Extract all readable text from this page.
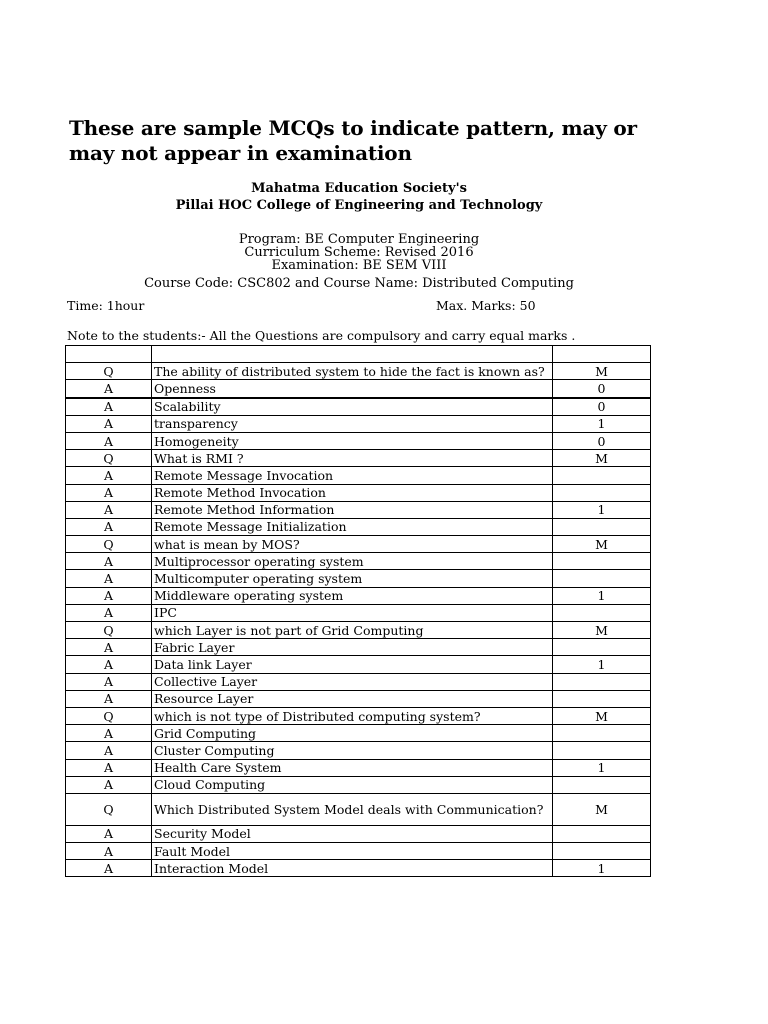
These are sample MCQs to indicate pattern, may or may not appear in examination
Mahatma Education Society's
Pillai HOC College of Engineering and Technology
Program: BE Computer Engineering
Curriculum Scheme: Revised 2016
Examination: BE SEM VIII
Course Code: CSC802 and Course Name: Distributed Computing
Time: 1hour	Max. Marks: 50
Note to the students:- All the Questions are compulsory and carry equal marks .

Q	The ability of distributed system to hide the fact is known as?	M
A	Openness	0
A	Scalability	0
A	transparency	1
A	Homogeneity	0
Q	What is RMI ?	M
A	Remote Message Invocation	
A	Remote Method Invocation	
A	Remote Method Information	1
A	Remote Message Initialization	
Q	what is mean by MOS?	M
A	Multiprocessor operating system	
A	Multicomputer operating system	
A	Middleware operating system	1
A	IPC	
Q	which Layer is not part of Grid Computing	M
A	Fabric Layer	
A	Data link Layer	1
A	Collective Layer	
A	Resource Layer	
Q	which is not type of Distributed computing system?	M
A	Grid Computing	
A	Cluster Computing	
A	Health Care System	1
A	Cloud Computing	
Q	Which Distributed System Model deals with Communication?	M
A	Security Model	
A	Fault Model	
A	Interaction Model	1
